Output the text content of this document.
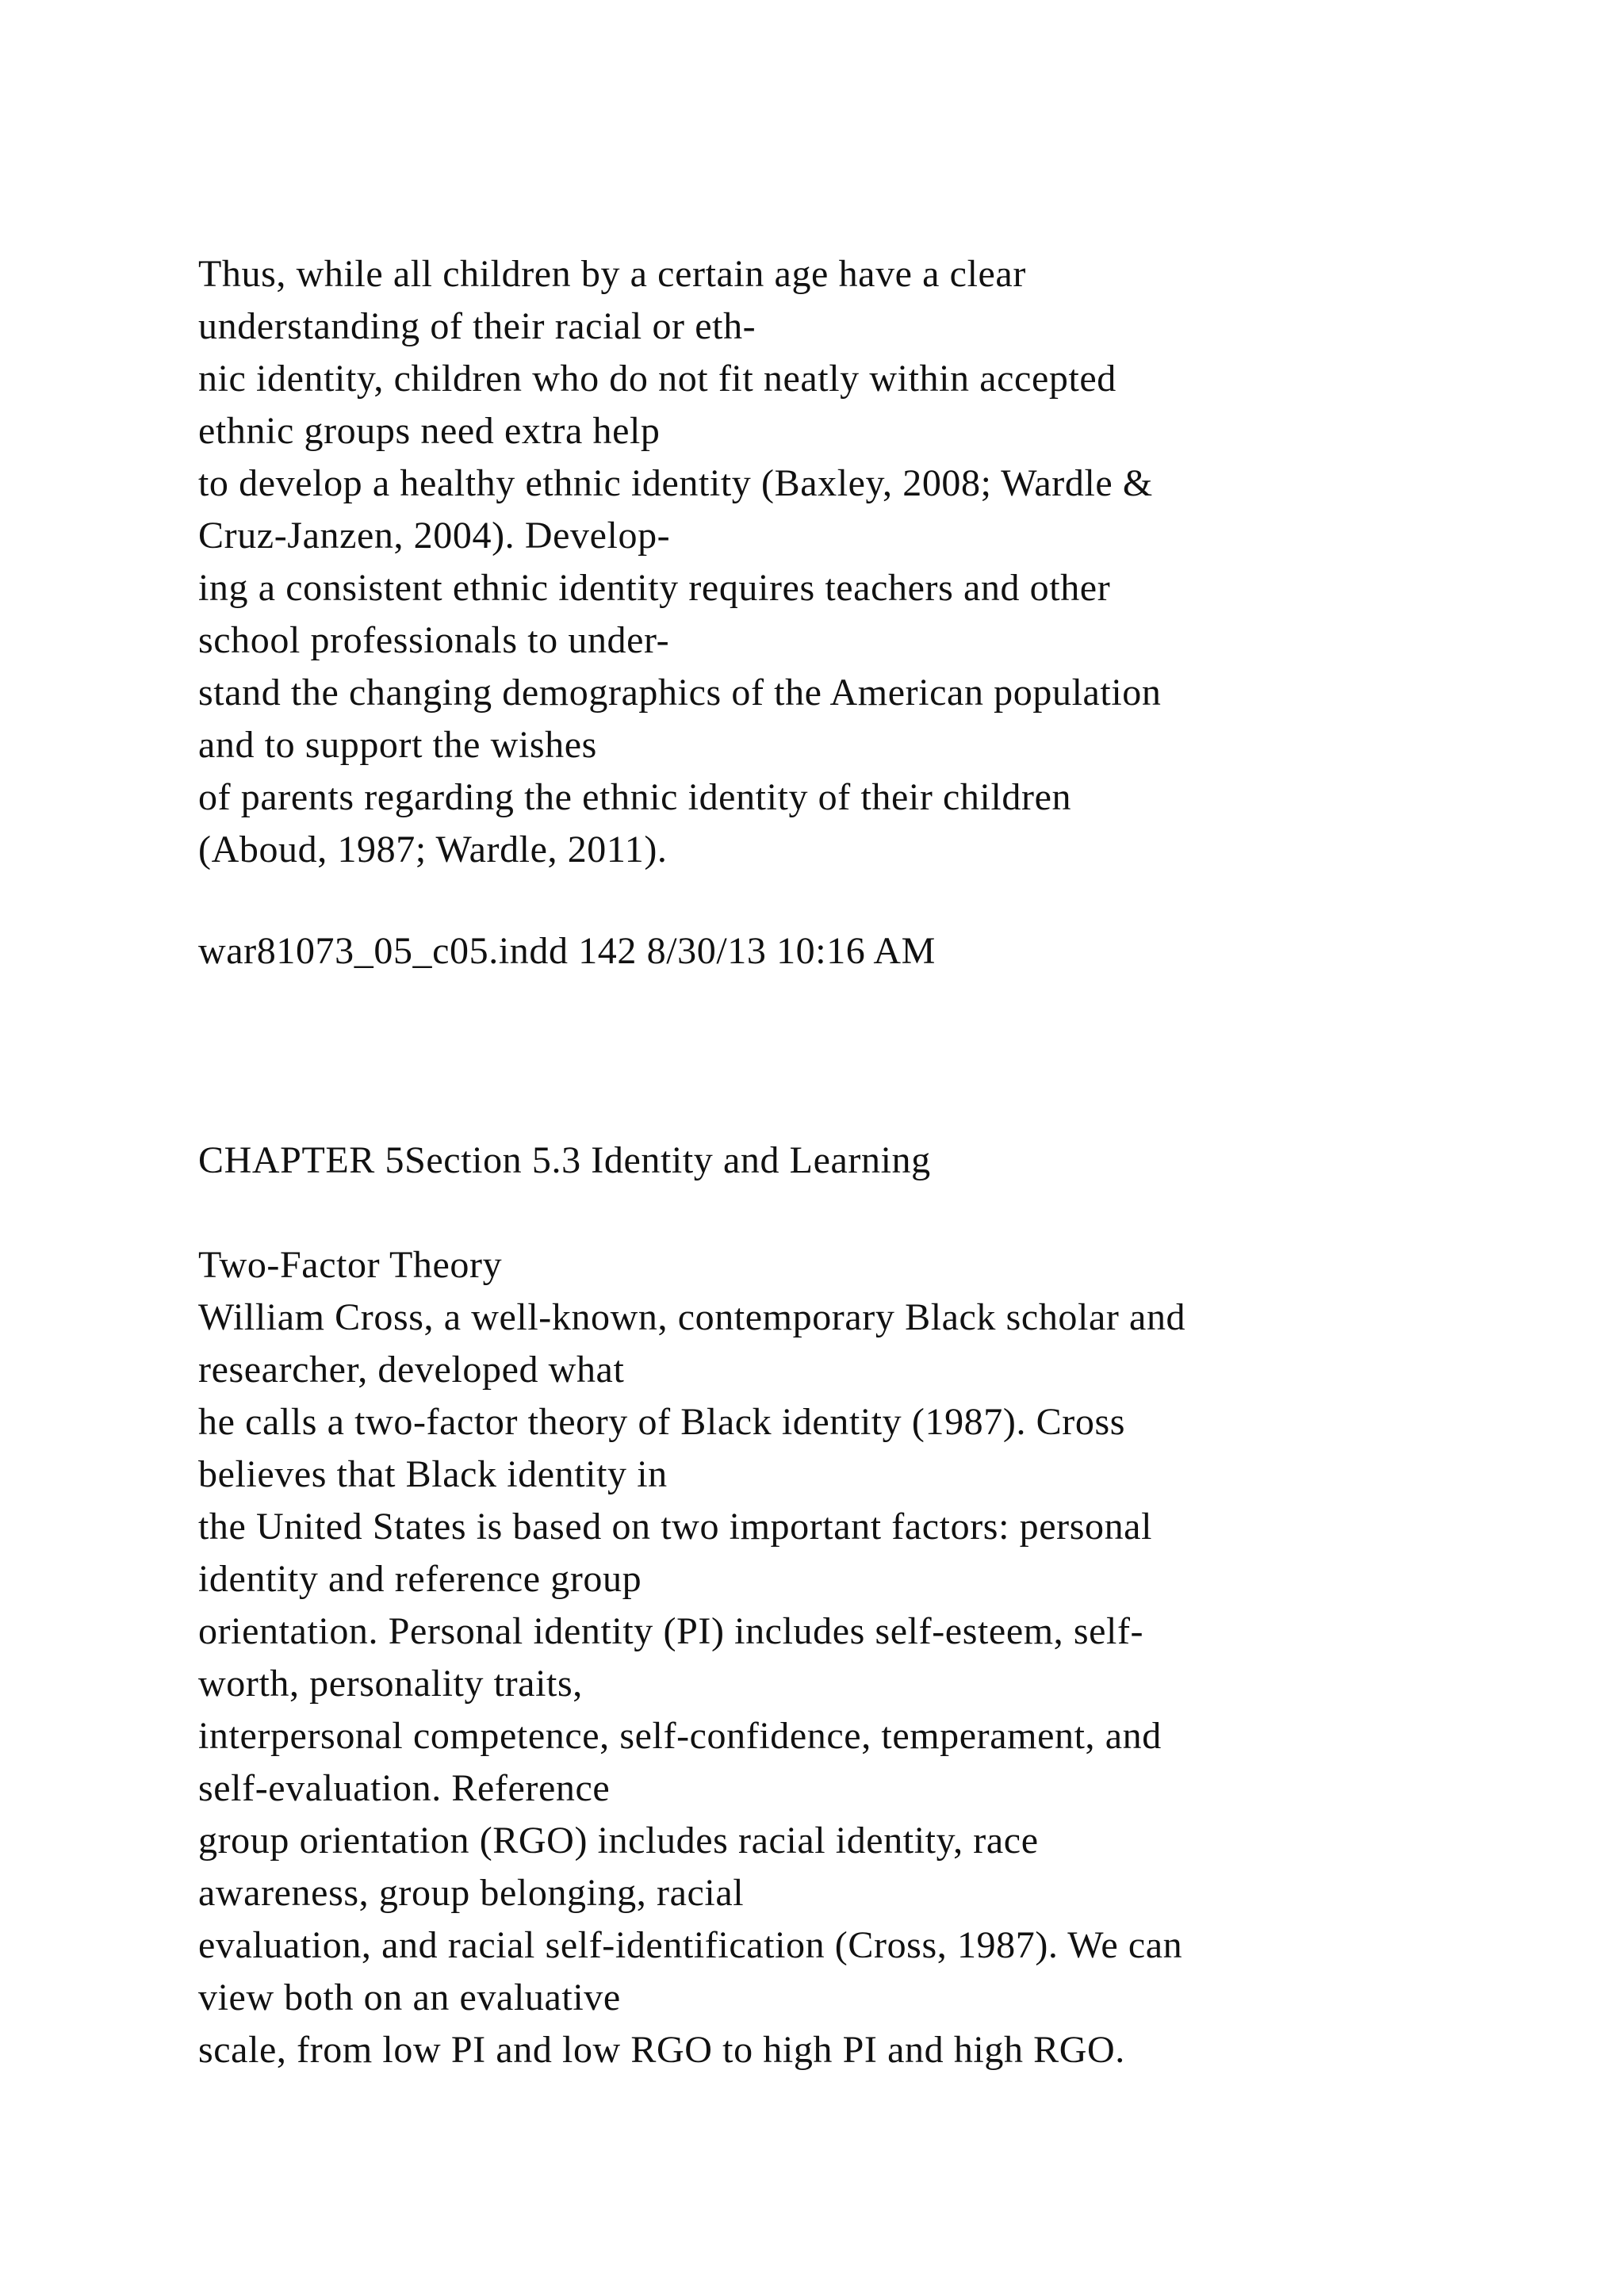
Thus, while all children by a certain age have a clear
understanding of their racial or eth-
nic identity, children who do not fit neatly within accepted
ethnic groups need extra help
to develop a healthy ethnic identity (Baxley, 2008; Wardle &
Cruz-Janzen, 2004). Develop-
ing a consistent ethnic identity requires teachers and other
school professionals to under-
stand the changing demographics of the American population
and to support the wishes
of parents regarding the ethnic identity of their children
(Aboud, 1987; Wardle, 2011).
war81073_05_c05.indd 142 8/30/13 10:16 AM
CHAPTER 5Section 5.3 Identity and Learning
Two-Factor Theory
William Cross, a well-known, contemporary Black scholar and
researcher, developed what
he calls a two-factor theory of Black identity (1987). Cross
believes that Black identity in
the United States is based on two important factors: personal
identity and reference group
orientation. Personal identity (PI) includes self-esteem, self-
worth, personality traits,
interpersonal competence, self-confidence, temperament, and
self-evaluation. Reference
group orientation (RGO) includes racial identity, race
awareness, group belonging, racial
evaluation, and racial self-identification (Cross, 1987). We can
view both on an evaluative
scale, from low PI and low RGO to high PI and high RGO.
